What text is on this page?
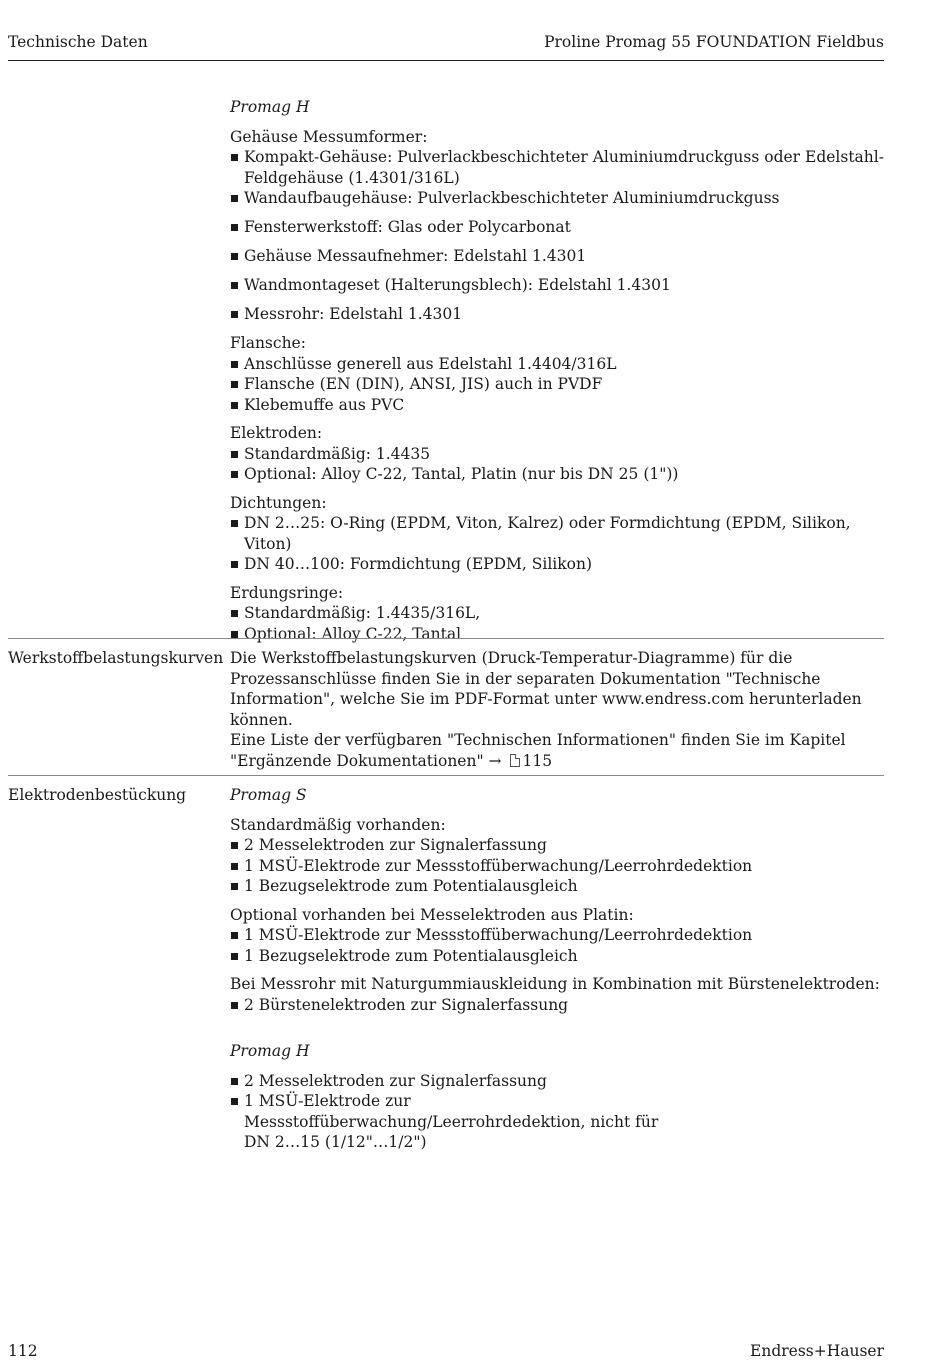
Technische Daten	Proline Promag 55 FOUNDATION Fieldbus
Promag H
Gehäuse Messumformer:
Kompakt-Gehäuse: Pulverlackbeschichteter Aluminiumdruckguss oder Edelstahl-Feldgehäuse (1.4301/316L)
Wandaufbaugehäuse: Pulverlackbeschichteter Aluminiumdruckguss
Fensterwerkstoff: Glas oder Polycarbonat
Gehäuse Messaufnehmer: Edelstahl 1.4301
Wandmontageset (Halterungsblech): Edelstahl 1.4301
Messrohr: Edelstahl 1.4301
Flansche:
Anschlüsse generell aus Edelstahl 1.4404/316L
Flansche (EN (DIN), ANSI, JIS) auch in PVDF
Klebemuffe aus PVC
Elektroden:
Standardmäßig: 1.4435
Optional: Alloy C-22, Tantal, Platin (nur bis DN 25 (1"))
Dichtungen:
DN 2…25: O-Ring (EPDM, Viton, Kalrez) oder Formdichtung (EPDM, Silikon, Viton)
DN 40…100: Formdichtung (EPDM, Silikon)
Erdungsringe:
Standardmäßig: 1.4435/316L,
Optional: Alloy C-22, Tantal
Werkstoffbelastungskurven Die Werkstoffbelastungskurven (Druck-Temperatur-Diagramme) für die Prozessanschlüsse finden Sie in der separaten Dokumentation "Technische Information", welche Sie im PDF-Format unter www.endress.com herunterladen können.
Eine Liste der verfügbaren "Technischen Informationen" finden Sie im Kapitel "Ergänzende Dokumentationen" → 115
Elektrodenbestückung	Promag S
Standardmäßig vorhanden:
2 Messelektroden zur Signalerfassung
1 MSÜ-Elektrode zur Messstoffüberwachung/Leerrohrdedektion
1 Bezugselektrode zum Potentialausgleich
Optional vorhanden bei Messelektroden aus Platin:
1 MSÜ-Elektrode zur Messstoffüberwachung/Leerrohrdedektion
1 Bezugselektrode zum Potentialausgleich
Bei Messrohr mit Naturgummiauskleidung in Kombination mit Bürstenelektroden:
2 Bürstenelektroden zur Signalerfassung
Promag H
2 Messelektroden zur Signalerfassung
1 MSÜ-Elektrode zur Messstoffüberwachung/Leerrohrdedektion, nicht für DN 2…15 (1/12"…1/2")
112	Endress+Hauser
